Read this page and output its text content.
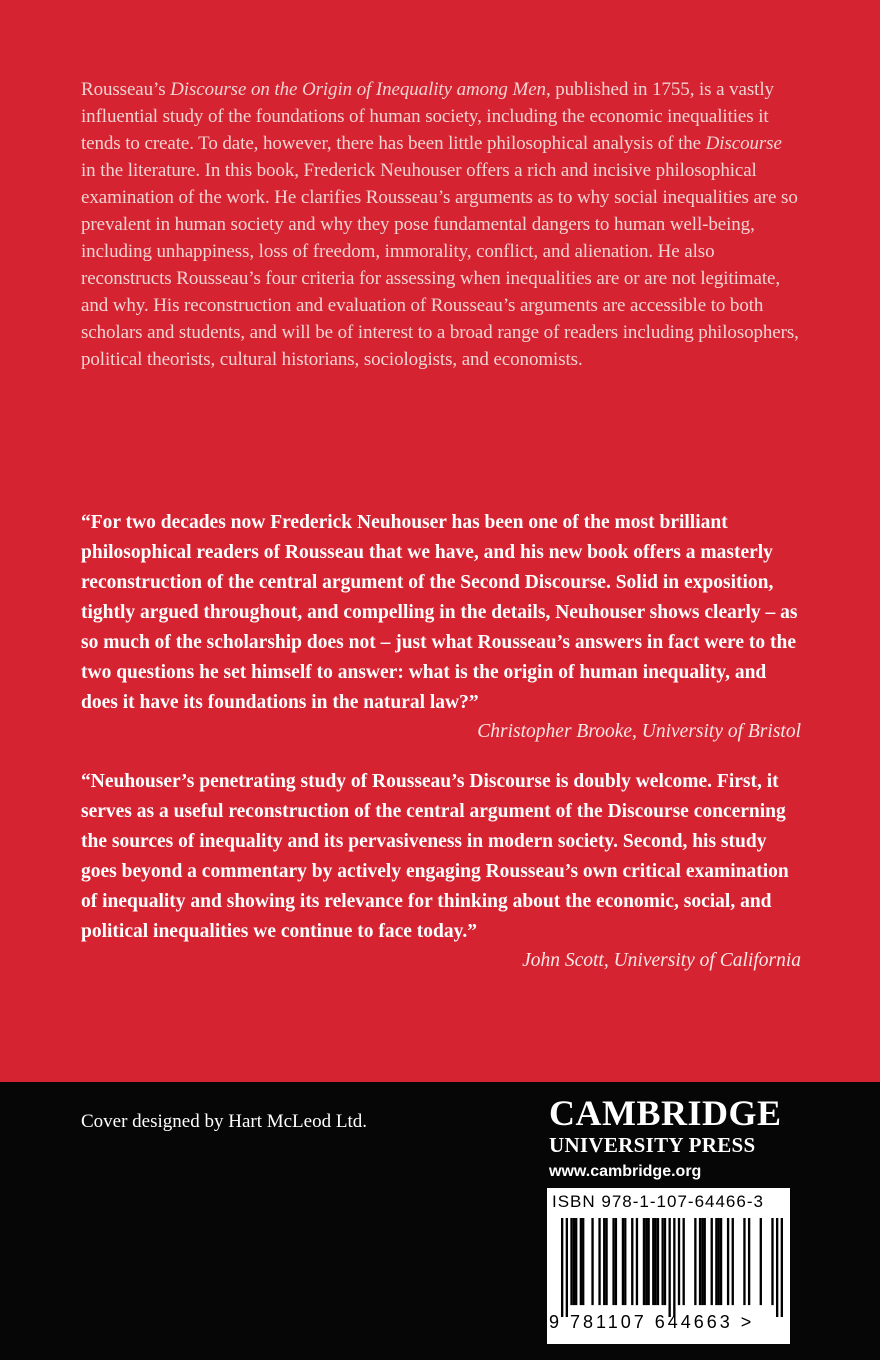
Rousseau’s Discourse on the Origin of Inequality among Men, published in 1755, is a vastly influential study of the foundations of human society, including the economic inequalities it tends to create. To date, however, there has been little philosophical analysis of the Discourse in the literature. In this book, Frederick Neuhouser offers a rich and incisive philosophical examination of the work. He clarifies Rousseau’s arguments as to why social inequalities are so prevalent in human society and why they pose fundamental dangers to human well-being, including unhappiness, loss of freedom, immorality, conflict, and alienation. He also reconstructs Rousseau’s four criteria for assessing when inequalities are or are not legitimate, and why. His reconstruction and evaluation of Rousseau’s arguments are accessible to both scholars and students, and will be of interest to a broad range of readers including philosophers, political theorists, cultural historians, sociologists, and economists.

“For two decades now Frederick Neuhouser has been one of the most brilliant philosophical readers of Rousseau that we have, and his new book offers a masterly reconstruction of the central argument of the Second Discourse. Solid in exposition, tightly argued throughout, and compelling in the details, Neuhouser shows clearly – as so much of the scholarship does not – just what Rousseau’s answers in fact were to the two questions he set himself to answer: what is the origin of human inequality, and does it have its foundations in the natural law?”

Christopher Brooke, University of Bristol

“Neuhouser’s penetrating study of Rousseau’s Discourse is doubly welcome. First, it serves as a useful reconstruction of the central argument of the Discourse concerning the sources of inequality and its pervasiveness in modern society. Second, his study goes beyond a commentary by actively engaging Rousseau’s own critical examination of inequality and showing its relevance for thinking about the economic, social, and political inequalities we continue to face today.”

John Scott, University of California

Cover designed by Hart McLeod Ltd.	CAMBRIDGE
UNIVERSITY PRESS
www.cambridge.org
ISBN 978-1-107-64466-3
9 781107 644663 >
